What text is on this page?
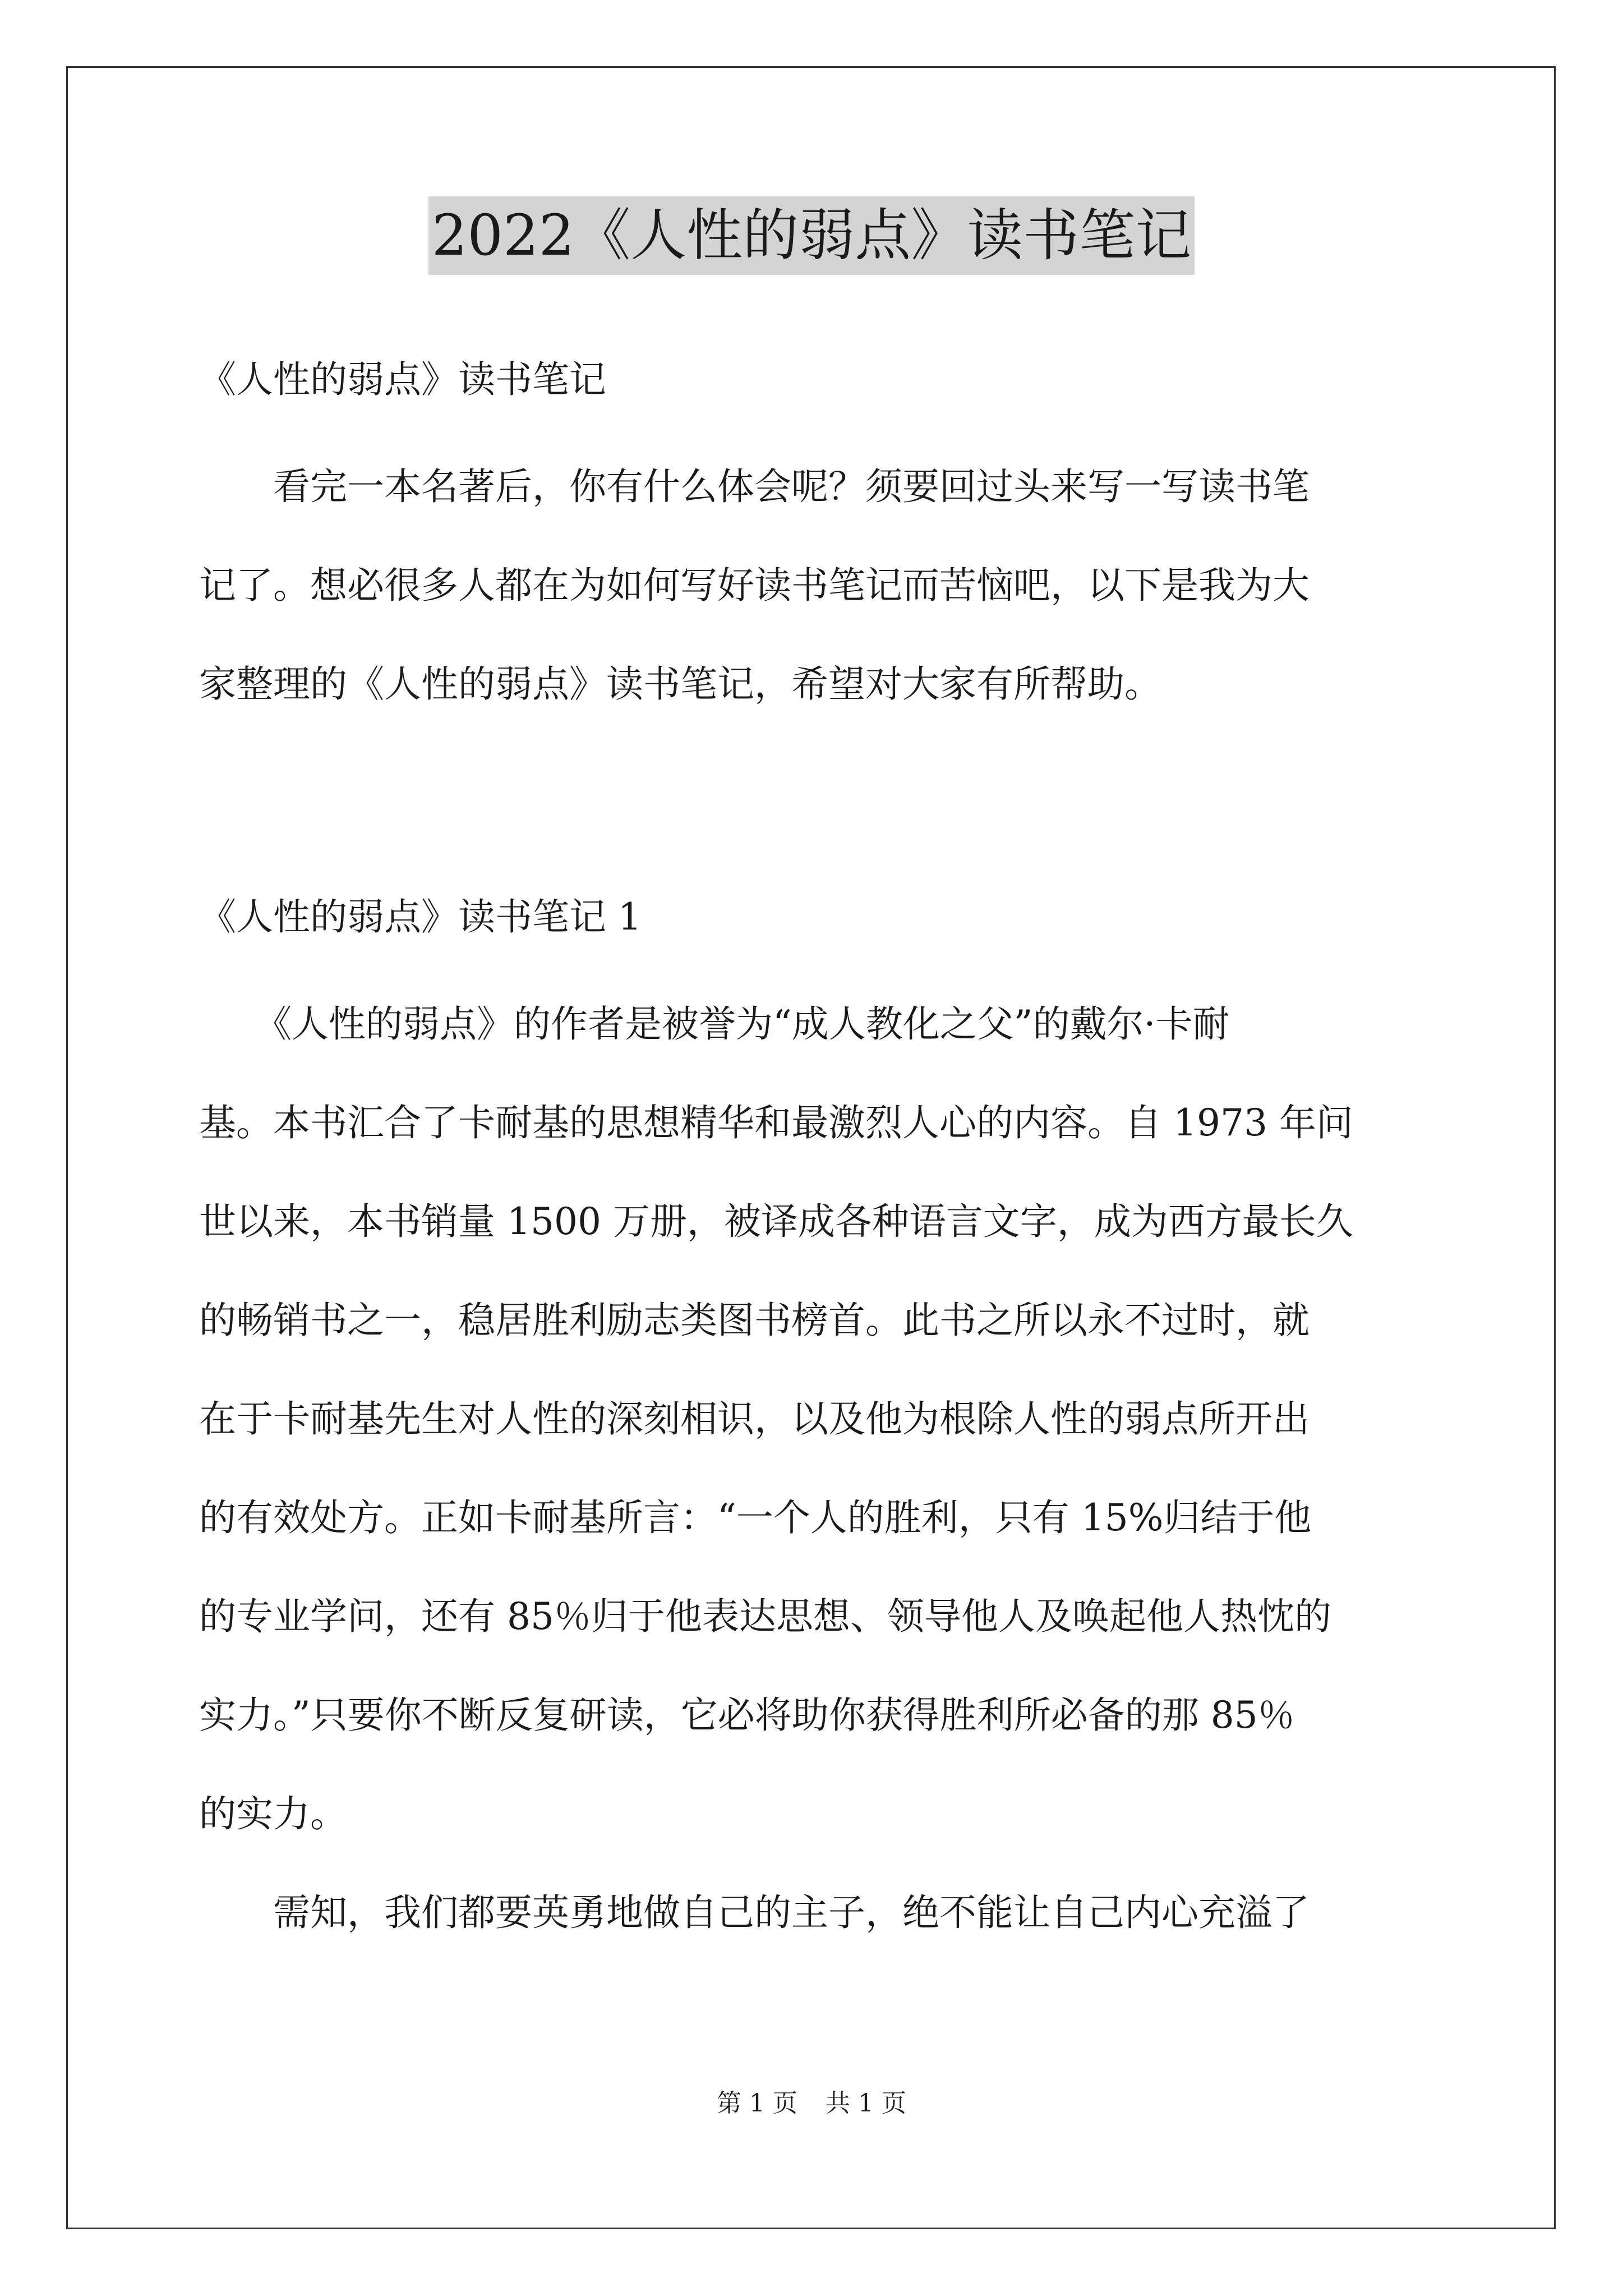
2022《人性的弱点》读书笔记
《人性的弱点》读书笔记
　　看完一本名著后，你有什么体会呢？须要回过头来写一写读书笔
记了。想必很多人都在为如何写好读书笔记而苦恼吧，以下是我为大
家整理的《人性的弱点》读书笔记，希望对大家有所帮助。
《人性的弱点》读书笔记 1
　　《人性的弱点》的作者是被誉为“成人教化之父”的戴尔·卡耐
基。本书汇合了卡耐基的思想精华和最激烈人心的内容。自 1973 年问
世以来，本书销量 1500 万册，被译成各种语言文字，成为西方最长久
的畅销书之一，稳居胜利励志类图书榜首。此书之所以永不过时，就
在于卡耐基先生对人性的深刻相识，以及他为根除人性的弱点所开出
的有效处方。正如卡耐基所言：“一个人的胜利，只有 15%归结于他
的专业学问，还有 85％归于他表达思想、领导他人及唤起他人热忱的
实力。”只要你不断反复研读，它必将助你获得胜利所必备的那 85％
的实力。
　　需知，我们都要英勇地做自己的主子，绝不能让自己内心充溢了
第 1 页 共 1 页
